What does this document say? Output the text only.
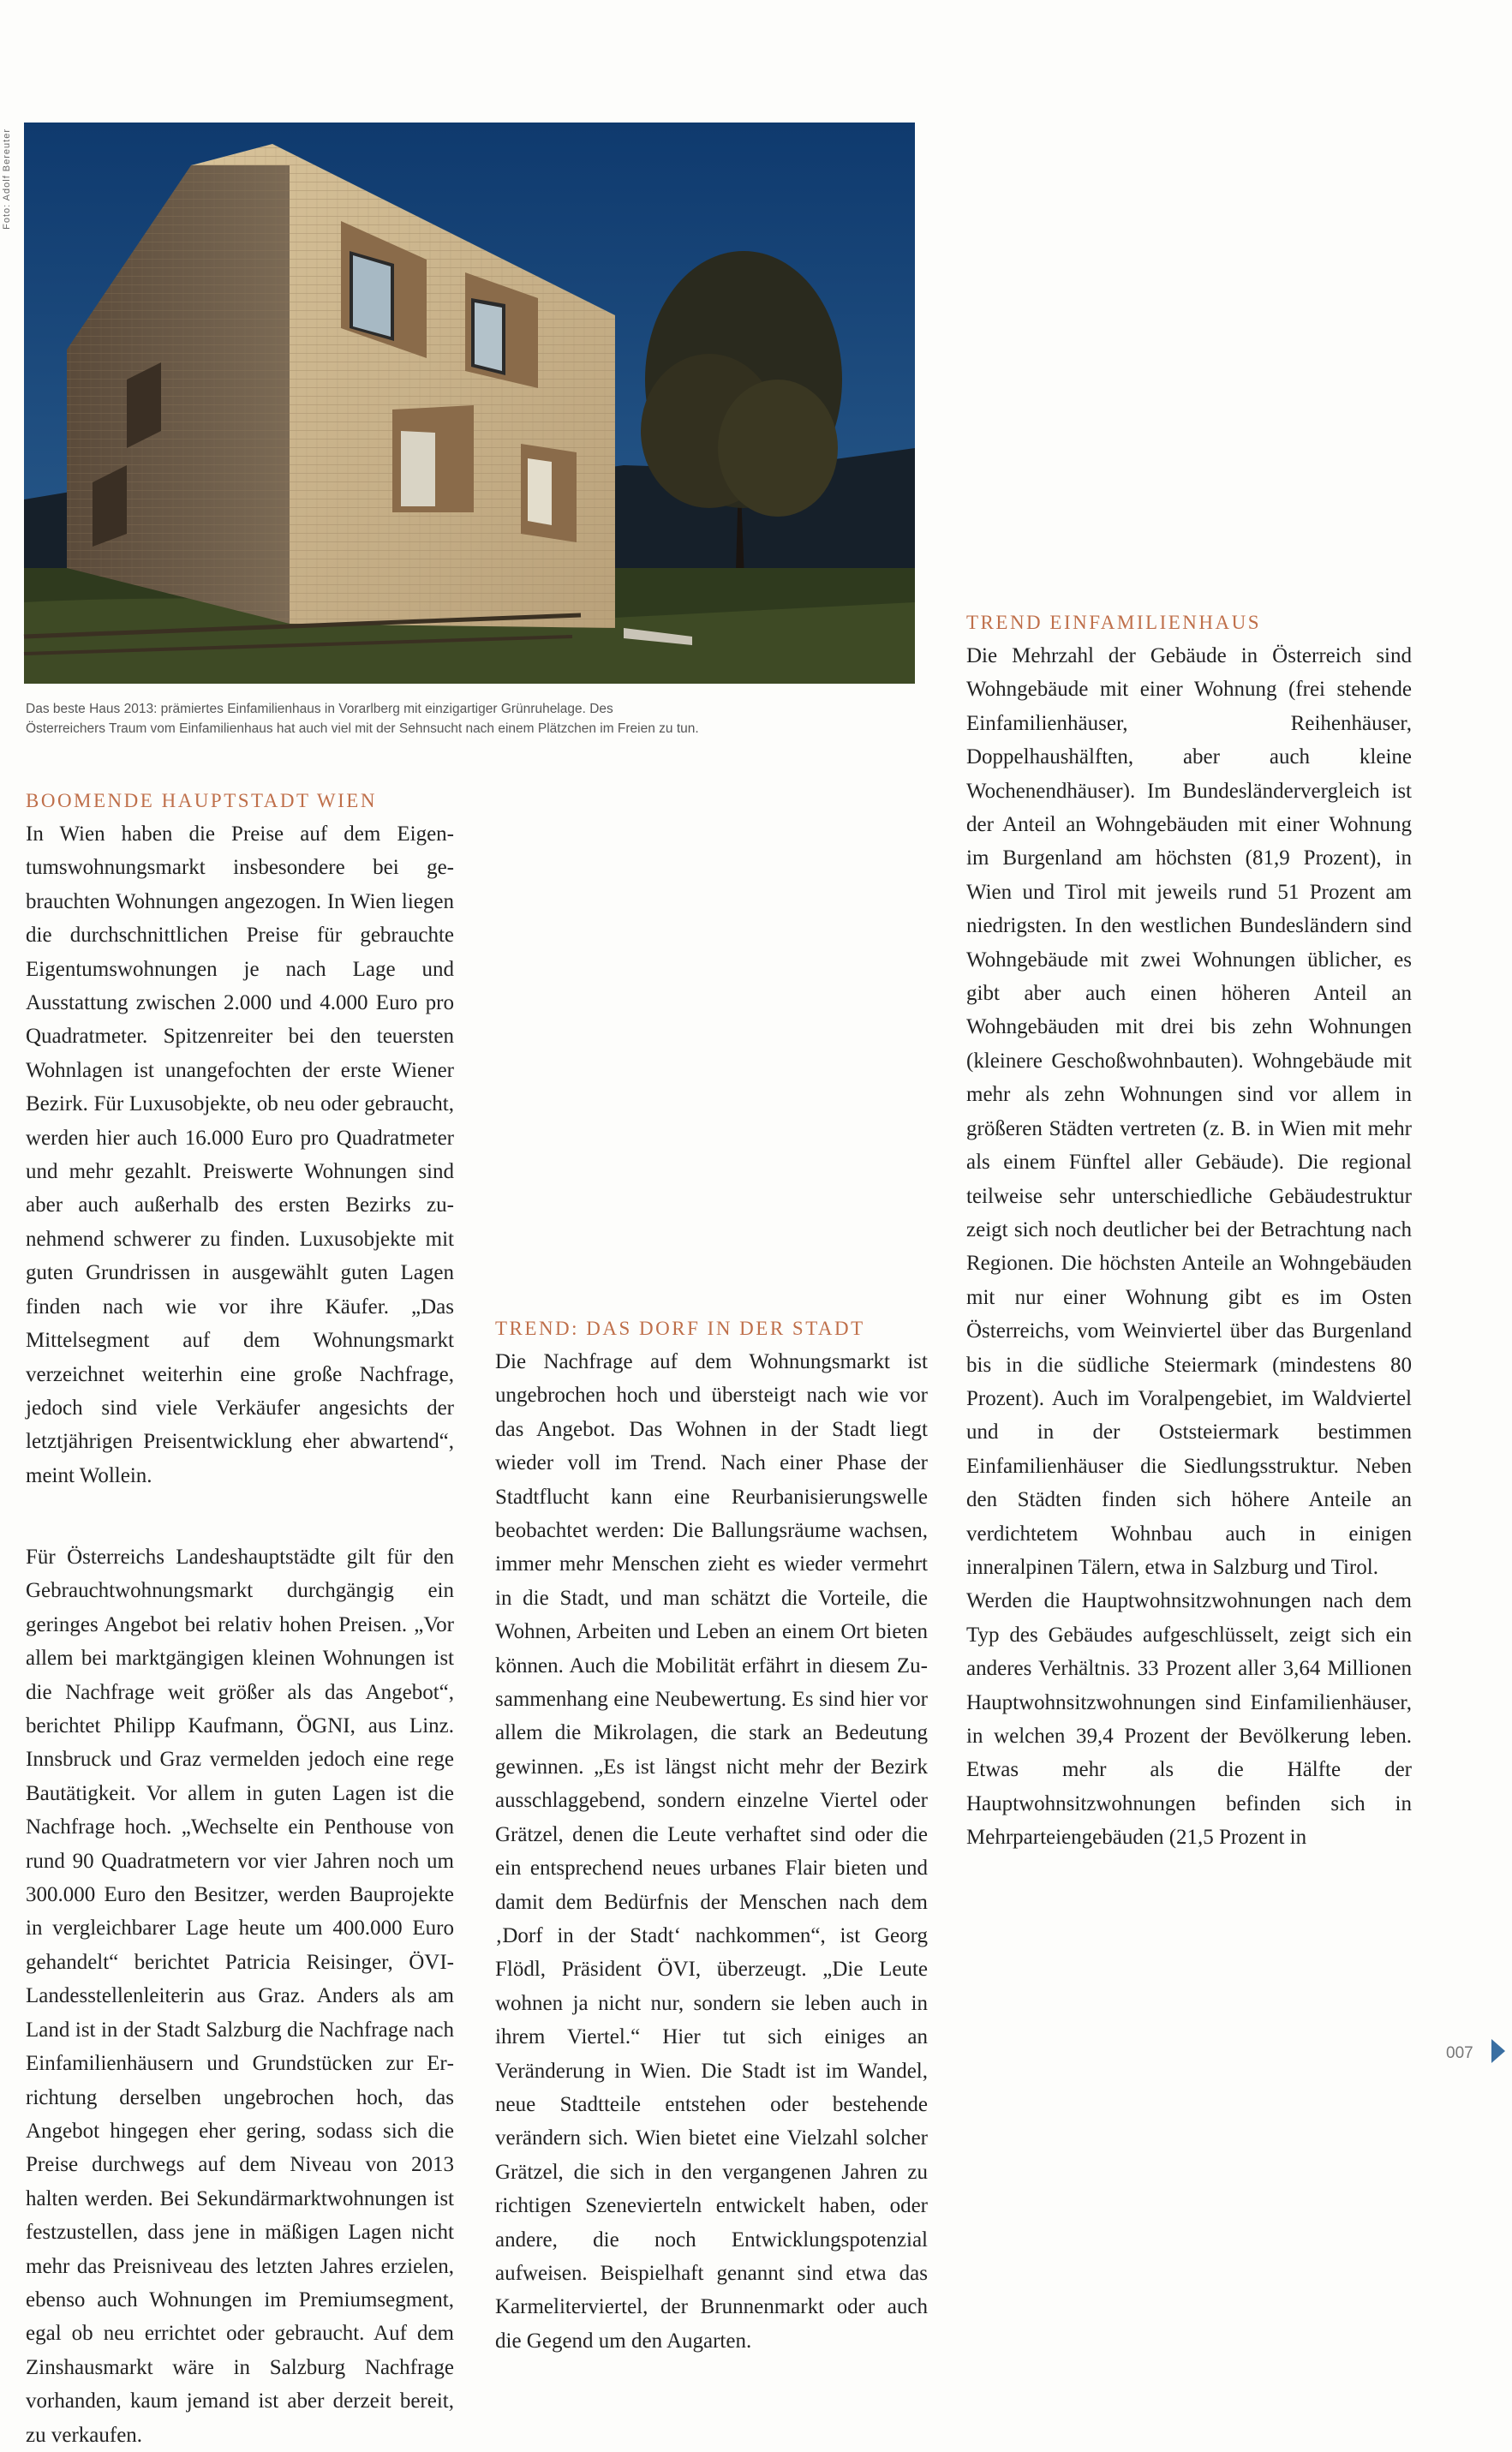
Foto: Adolf Bereuter
Das beste Haus 2013: prämiertes Einfamilienhaus in Vorarlberg mit einzigartiger Grünruhelage. Des
Österreichers Traum vom Einfamilienhaus hat auch viel mit der Sehnsucht nach einem Plätzchen im Freien zu tun.
BOOMENDE HAUPTSTADT WIEN

In Wien haben die Preise auf dem Eigentumswohnungsmarkt insbesondere bei gebrauchten Wohnungen angezogen. In Wien liegen die durchschnittlichen Preise für gebrauchte Eigentumswohnungen je nach Lage und Ausstattung zwischen 2.000 und 4.000 Euro pro Quadratmeter. Spitzenreiter bei den teuersten Wohnlagen ist unangefochten der erste Wiener Bezirk. Für Luxusobjekte, ob neu oder gebraucht, werden hier auch 16.000 Euro pro Quadratmeter und mehr gezahlt. Preiswerte Wohnungen sind aber auch außerhalb des ersten Bezirks zunehmend schwerer zu finden. Luxusobjekte mit guten Grundrissen in ausgewählt guten Lagen finden nach wie vor ihre Käufer. „Das Mittelsegment auf dem Wohnungsmarkt verzeichnet weiterhin eine große Nachfrage, jedoch sind viele Verkäufer angesichts der letztjährigen Preisentwicklung eher abwartend“, meint Wollein.

Für Österreichs Landeshauptstädte gilt für den Gebrauchtwohnungsmarkt durchgängig ein geringes Angebot bei relativ hohen Preisen. „Vor allem bei marktgängigen kleinen Wohnungen ist die Nachfrage weit größer als das Angebot“, berichtet Philipp Kaufmann, ÖGNI, aus Linz. Innsbruck und Graz vermelden jedoch eine rege Bautätigkeit. Vor allem in guten Lagen ist die Nachfrage hoch. „Wechselte ein Penthouse von rund 90 Quadratmetern vor vier Jahren noch um 300.000 Euro den Besitzer, werden Bauprojekte in vergleichbarer Lage heute um 400.000 Euro gehandelt“ berichtet Patricia Reisinger, ÖVI-Landesstellenleiterin aus Graz. Anders als am Land ist in der Stadt Salzburg die Nachfrage nach Einfamilienhäusern und Grundstücken zur Errichtung derselben ungebrochen hoch, das Angebot hingegen eher gering, sodass sich die Preise durchwegs auf dem Niveau von 2013 halten werden. Bei Sekundärmarktwohnungen ist festzustellen, dass jene in mäßigen Lagen nicht mehr das Preisniveau des letzten Jahres erzielen, ebenso auch Wohnungen im Premiumsegment, egal ob neu errichtet oder gebraucht. Auf dem Zinshausmarkt wäre in Salzburg Nachfrage vorhanden, kaum jemand ist aber derzeit bereit, zu verkaufen.

TREND: DAS DORF IN DER STADT

Die Nachfrage auf dem Wohnungsmarkt ist ungebrochen hoch und übersteigt nach wie vor das Angebot. Das Wohnen in der Stadt liegt wieder voll im Trend. Nach einer Phase der Stadtflucht kann eine Reurbanisierungswelle beobachtet werden: Die Ballungsräume wachsen, immer mehr Menschen zieht es wieder vermehrt in die Stadt, und man schätzt die Vorteile, die Wohnen, Arbeiten und Leben an einem Ort bieten können. Auch die Mobilität erfährt in diesem Zusammenhang eine Neubewertung. Es sind hier vor allem die Mikrolagen, die stark an Bedeutung gewinnen. „Es ist längst nicht mehr der Bezirk ausschlaggebend, sondern einzelne Viertel oder Grätzel, denen die Leute verhaftet sind oder die ein entsprechend neues urbanes Flair bieten und damit dem Bedürfnis der Menschen nach dem ‚Dorf in der Stadt‘ nachkommen“, ist Georg Flödl, Präsident ÖVI, überzeugt. „Die Leute wohnen ja nicht nur, sondern sie leben auch in ihrem Viertel.“ Hier tut sich einiges an Veränderung in Wien. Die Stadt ist im Wandel, neue Stadtteile entstehen oder bestehende verändern sich. Wien bietet eine Vielzahl solcher Grätzel, die sich in den vergangenen Jahren zu richtigen Szenevierteln entwickelt haben, oder andere, die noch Entwicklungspotenzial aufweisen. Beispielhaft genannt sind etwa das Karmeliterviertel, der Brunnenmarkt oder auch die Gegend um den Augarten.

TREND EINFAMILIENHAUS

Die Mehrzahl der Gebäude in Österreich sind Wohngebäude mit einer Wohnung (frei stehende Einfamilienhäuser, Reihenhäuser, Doppelhaushälften, aber auch kleine Wochenendhäuser). Im Bundesländervergleich ist der Anteil an Wohngebäuden mit einer Wohnung im Burgenland am höchsten (81,9 Prozent), in Wien und Tirol mit jeweils rund 51 Prozent am niedrigsten. In den westlichen Bundesländern sind Wohngebäude mit zwei Wohnungen üblicher, es gibt aber auch einen höheren Anteil an Wohngebäuden mit drei bis zehn Wohnungen (kleinere Geschoßwohnbauten). Wohngebäude mit mehr als zehn Wohnungen sind vor allem in größeren Städten vertreten (z. B. in Wien mit mehr als einem Fünftel aller Gebäude). Die regional teilweise sehr unterschiedliche Gebäudestruktur zeigt sich noch deutlicher bei der Betrachtung nach Regionen. Die höchsten Anteile an Wohngebäuden mit nur einer Wohnung gibt es im Osten Österreichs, vom Weinviertel über das Burgenland bis in die südliche Steiermark (mindestens 80 Prozent). Auch im Voralpengebiet, im Waldviertel und in der Oststeiermark bestimmen Einfamilienhäuser die Siedlungsstruktur. Neben den Städten finden sich höhere Anteile an verdichtetem Wohnbau auch in einigen inneralpinen Tälern, etwa in Salzburg und Tirol.

Werden die Hauptwohnsitzwohnungen nach dem Typ des Gebäudes aufgeschlüsselt, zeigt sich ein anderes Verhältnis. 33 Prozent aller 3,64 Millionen Hauptwohnsitzwohnungen sind Einfamilienhäuser, in welchen 39,4 Prozent der Bevölkerung leben. Etwas mehr als die Hälfte der Hauptwohnsitzwohnungen befinden sich in Mehrparteiengebäuden (21,5 Prozent in

007
